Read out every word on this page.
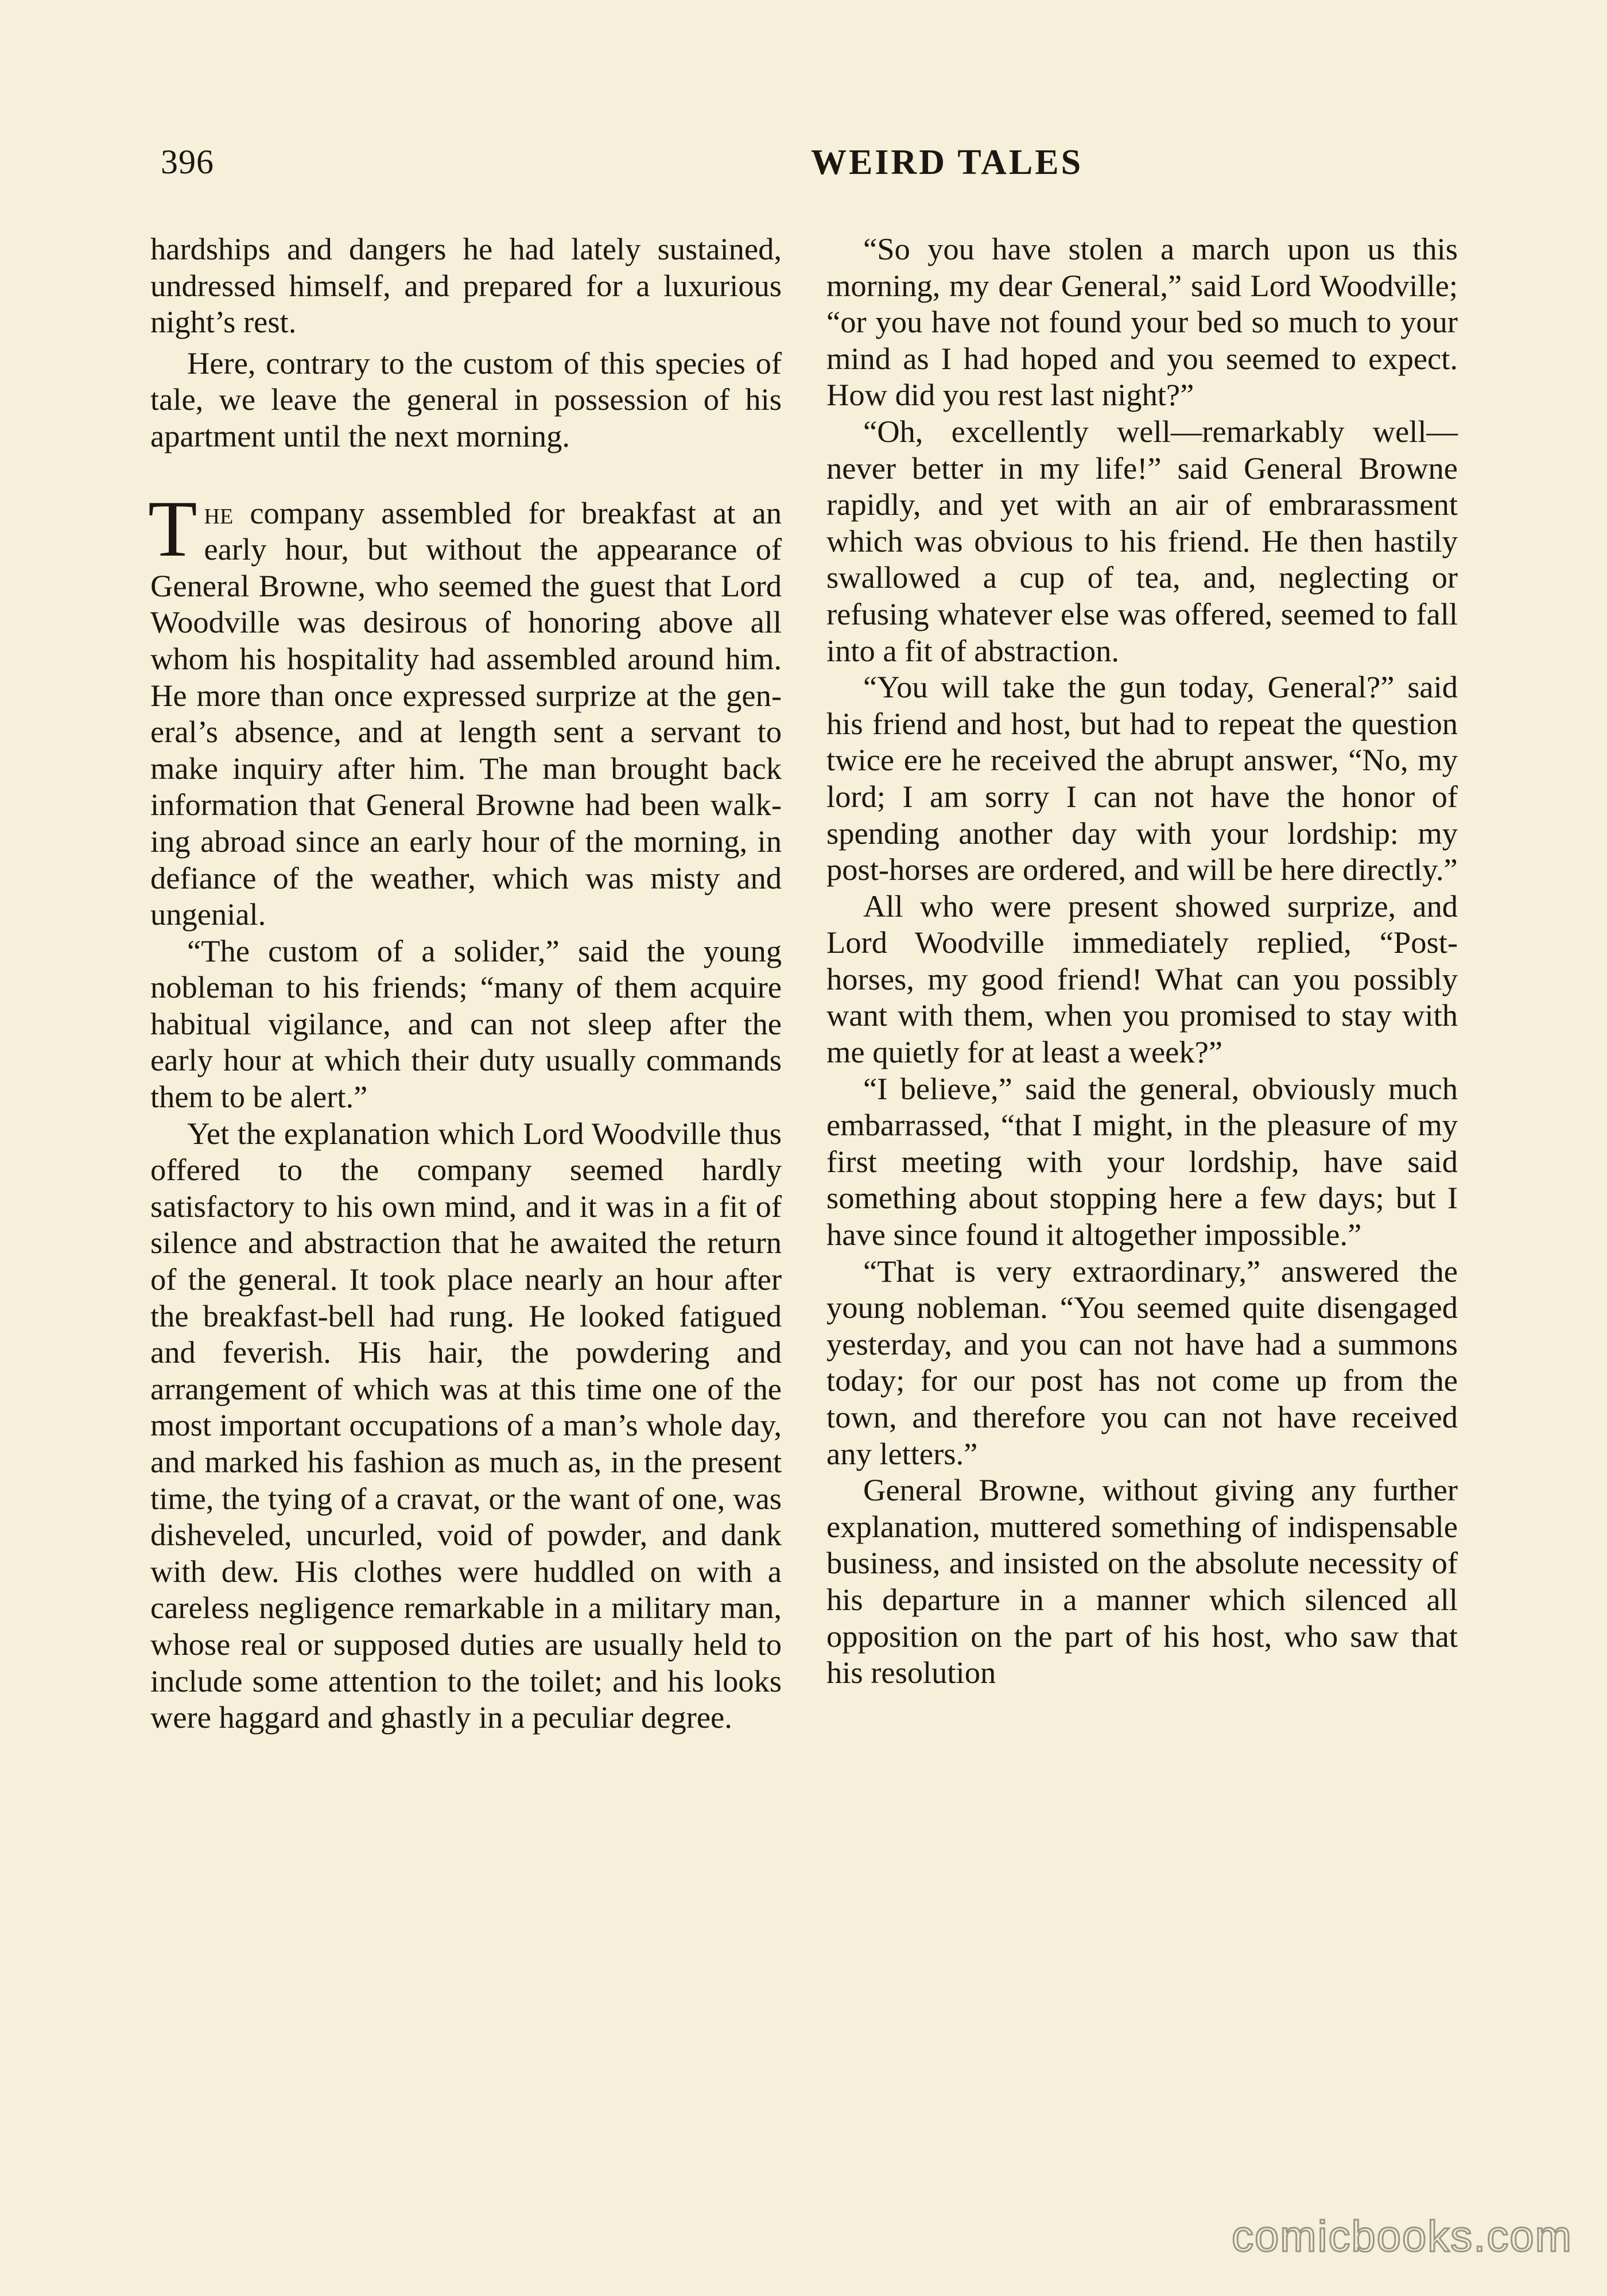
396	WEIRD TALES

hardships and dangers he had lately sustained, undressed himself, and prepared for a luxurious night’s rest.

Here, contrary to the custom of this species of tale, we leave the general in possession of his apartment until the next morning.

The company assembled for breakfast at an early hour, but without the appearance of General Browne, who seemed the guest that Lord Woodville was desirous of honoring above all whom his hospitality had assembled around him. He more than once expressed surprize at the general’s absence, and at length sent a servant to make inquiry after him. The man brought back information that General Browne had been walking abroad since an early hour of the morning, in defiance of the weather, which was misty and ungenial.

“The custom of a solider,” said the young nobleman to his friends; “many of them acquire habitual vigilance, and can not sleep after the early hour at which their duty usually commands them to be alert.”

Yet the explanation which Lord Woodville thus offered to the company seemed hardly satisfactory to his own mind, and it was in a fit of silence and abstraction that he awaited the return of the general. It took place nearly an hour after the breakfast-bell had rung. He looked fatigued and feverish. His hair, the powdering and arrangement of which was at this time one of the most important occupations of a man’s whole day, and marked his fashion as much as, in the present time, the tying of a cravat, or the want of one, was disheveled, uncurled, void of powder, and dank with dew. His clothes were huddled on with a careless negligence remarkable in a military man, whose real or supposed duties are usually held to include some attention to the toilet; and his looks were haggard and ghastly in a peculiar degree.

“So you have stolen a march upon us this morning, my dear General,” said Lord Woodville; “or you have not found your bed so much to your mind as I had hoped and you seemed to expect. How did you rest last night?”

“Oh, excellently well—remarkably well—never better in my life!” said General Browne rapidly, and yet with an air of embrarassment which was obvious to his friend. He then hastily swallowed a cup of tea, and, neglecting or refusing whatever else was offered, seemed to fall into a fit of abstraction.

“You will take the gun today, General?” said his friend and host, but had to repeat the question twice ere he received the abrupt answer, “No, my lord; I am sorry I can not have the honor of spending another day with your lordship: my post-horses are ordered, and will be here directly.”

All who were present showed surprize, and Lord Woodville immediately replied, “Post-horses, my good friend! What can you possibly want with them, when you promised to stay with me quietly for at least a week?”

“I believe,” said the general, obviously much embarrassed, “that I might, in the pleasure of my first meeting with your lordship, have said something about stopping here a few days; but I have since found it altogether impossible.”

“That is very extraordinary,” answered the young nobleman. “You seemed quite disengaged yesterday, and you can not have had a summons today; for our post has not come up from the town, and therefore you can not have received any letters.”

General Browne, without giving any further explanation, muttered something of indispensable business, and insisted on the absolute necessity of his departure in a manner which silenced all opposition on the part of his host, who saw that his resolution

comicbooks.com
